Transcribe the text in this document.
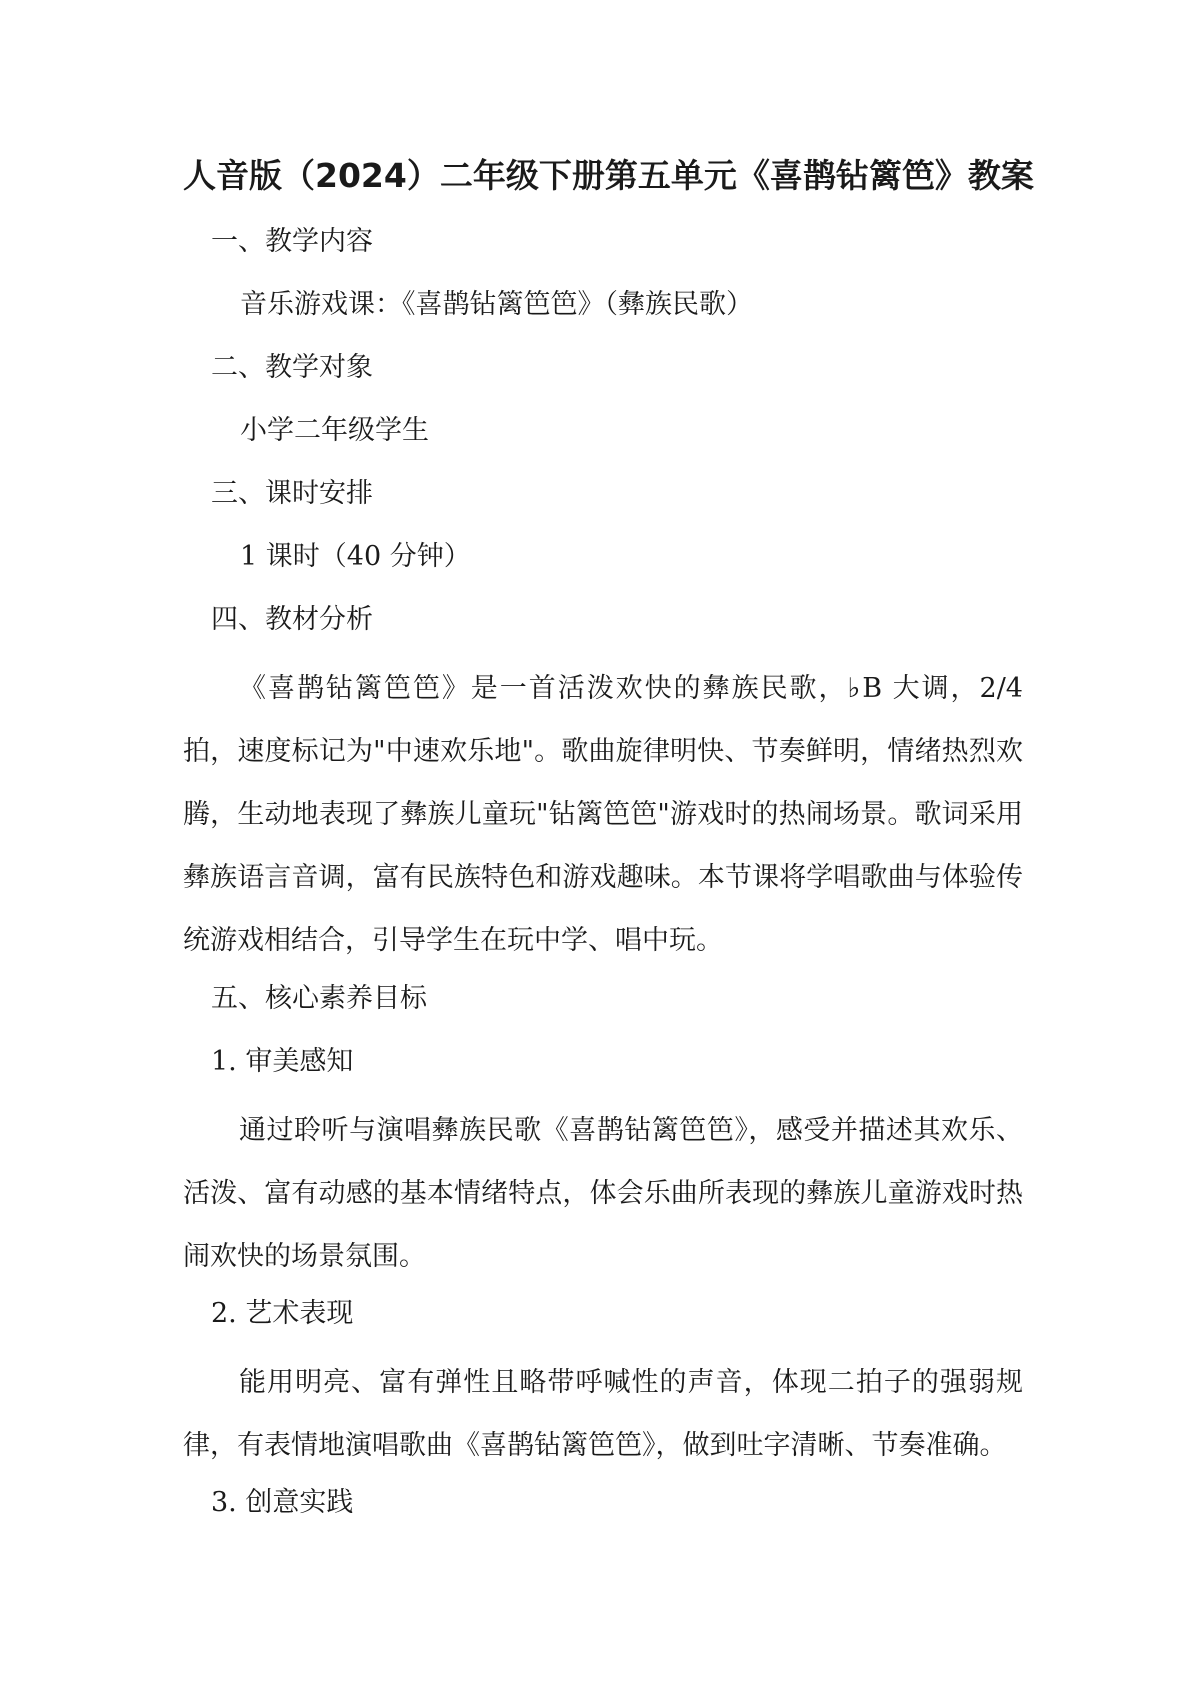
人音版（2024）二年级下册第五单元《喜鹊钻篱笆》教案

一、教学内容

音乐游戏课：《喜鹊钻篱笆笆》（彝族民歌）

二、教学对象

小学二年级学生

三、课时安排

1 课时（40 分钟）

四、教材分析

《喜鹊钻篱笆笆》是一首活泼欢快的彝族民歌，♭B 大调，2/4 拍，速度标记为"中速欢乐地"。歌曲旋律明快、节奏鲜明，情绪热烈欢腾，生动地表现了彝族儿童玩"钻篱笆笆"游戏时的热闹场景。歌词采用彝族语言音调，富有民族特色和游戏趣味。本节课将学唱歌曲与体验传统游戏相结合，引导学生在玩中学、唱中玩。

五、核心素养目标

1. 审美感知

通过聆听与演唱彝族民歌《喜鹊钻篱笆笆》，感受并描述其欢乐、活泼、富有动感的基本情绪特点，体会乐曲所表现的彝族儿童游戏时热闹欢快的场景氛围。

2. 艺术表现

能用明亮、富有弹性且略带呼喊性的声音，体现二拍子的强弱规律，有表情地演唱歌曲《喜鹊钻篱笆笆》，做到吐字清晰、节奏准确。

3. 创意实践
